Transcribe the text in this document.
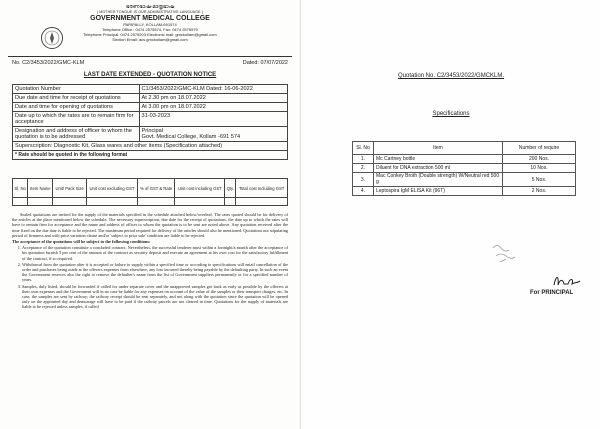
ഭരണഭാഷ-മാതൃഭാഷ
( MOTHER TONGUE IS OUR ADMINISTRATIVE LANGUAGE )
GOVERNMENT MEDICAL COLLEGE
PARIPALLY, KOLLAM-691574
Telephone Office : 0474 2575574, Fax: 0474 2575979
Telephone Principal: 0474 2575203 Electronic mail: gmckollam@gmail.com
Section Email: acs.gmckollam@gmail.com
No. C2/3453/2022/GMC-KLM	Dated: 07/07/2022
LAST DATE EXTENDED - QUOTATION NOTICE
Quotation Number	C1/3453/2022/GMC-KLM Dated: 16-06-2022
Due date and time for receipt of quotations	At 2.30 pm on 18.07.2022
Date and time for opening of quotations	At 3.00 pm on 18.07.2022
Date up to which the rates are to remain firm for acceptance	31-03-2023
Designation and address of officer to whom the quotation is to be addressed	Principal
Govt. Medical College, Kollam -691 574
Superscription: Diagnostic Kit, Glass wares and other items (Specification attached)	
* Rate should be quoted in the following format	
Sl. No	Item Name	Unit/ Pack Size	Unit cost excluding GST	% of GST & Rate	Unit cost including GST	Qty.	Total cost Including GST

Sealed quotations are invited for the supply of the materials specified in the schedule attached below/overleaf. The rates quoted should be for delivery of the articles at the place mentioned below the schedule. The necessary superscription, due date for the receipt of quotations, the date up to which the rates will have to remain firm for acceptance and the name and address of officer to whom the quotation is to be sent are noted above. Any quotation received after the time fixed on the due date is liable to be rejected. The maximum period required for delivery of the articles should also be mentioned. Quotations not stipulating period of firmness and with price variation clause and/or 'subject to prior sale' condition are liable to be rejected.

The acceptance of the quotations will be subject to the following conditions:

1. Acceptance of the quotation constitute a concluded contract. Nevertheless, the successful tenderer must within a fortnight/a month after the acceptance of his quotation furnish 5 per cent of the amount of the contract as security deposit and execute an agreement at his own cost for the satisfactory fulfillment of the contract, if so required.
2. Withdrawal from the quotation after it is accepted or failure to supply within a specified time or according to specifications will entail cancellation of the order and purchases being made at the offerers expenses from elsewhere, any loss incurred thereby being payable by the defaulting party. In such an event the Government reserves also the right to remove the defaulter's name from the list of Government suppliers permanently or for a specified number of years.
3. Samples, duly listed, should be forwarded if called for under separate cover and the unapproved samples got back as early as possible by the offerers at their own expenses and the Government will in no case be liable for any expenses on account of the value of the samples or their transport charges, etc. In case, the samples are sent by railway; the railway receipt should be sent separately, and not along with the quotation since the quotation will be opened only on the appointed day and demurrage will have to be paid if the railway parcels are not cleared in time. Quotations for the supply of materials are liable to be rejected unless samples, if called
Quotation No. C2/3453/2022/GMCKLM.
Specifications
Sl. No	Item	Number of require
1.	Mc Cartney bottle	200 Nos.
2.	Diluent for DNA extraction 500 ml	10 Nos.
3.	Mac Conkey Broth (Double strength) W/Neutral red 500 g	5 Nos.
4.	Leptospira IgM ELISA Kit (96T)	2 Nos.
For PRINCIPAL
